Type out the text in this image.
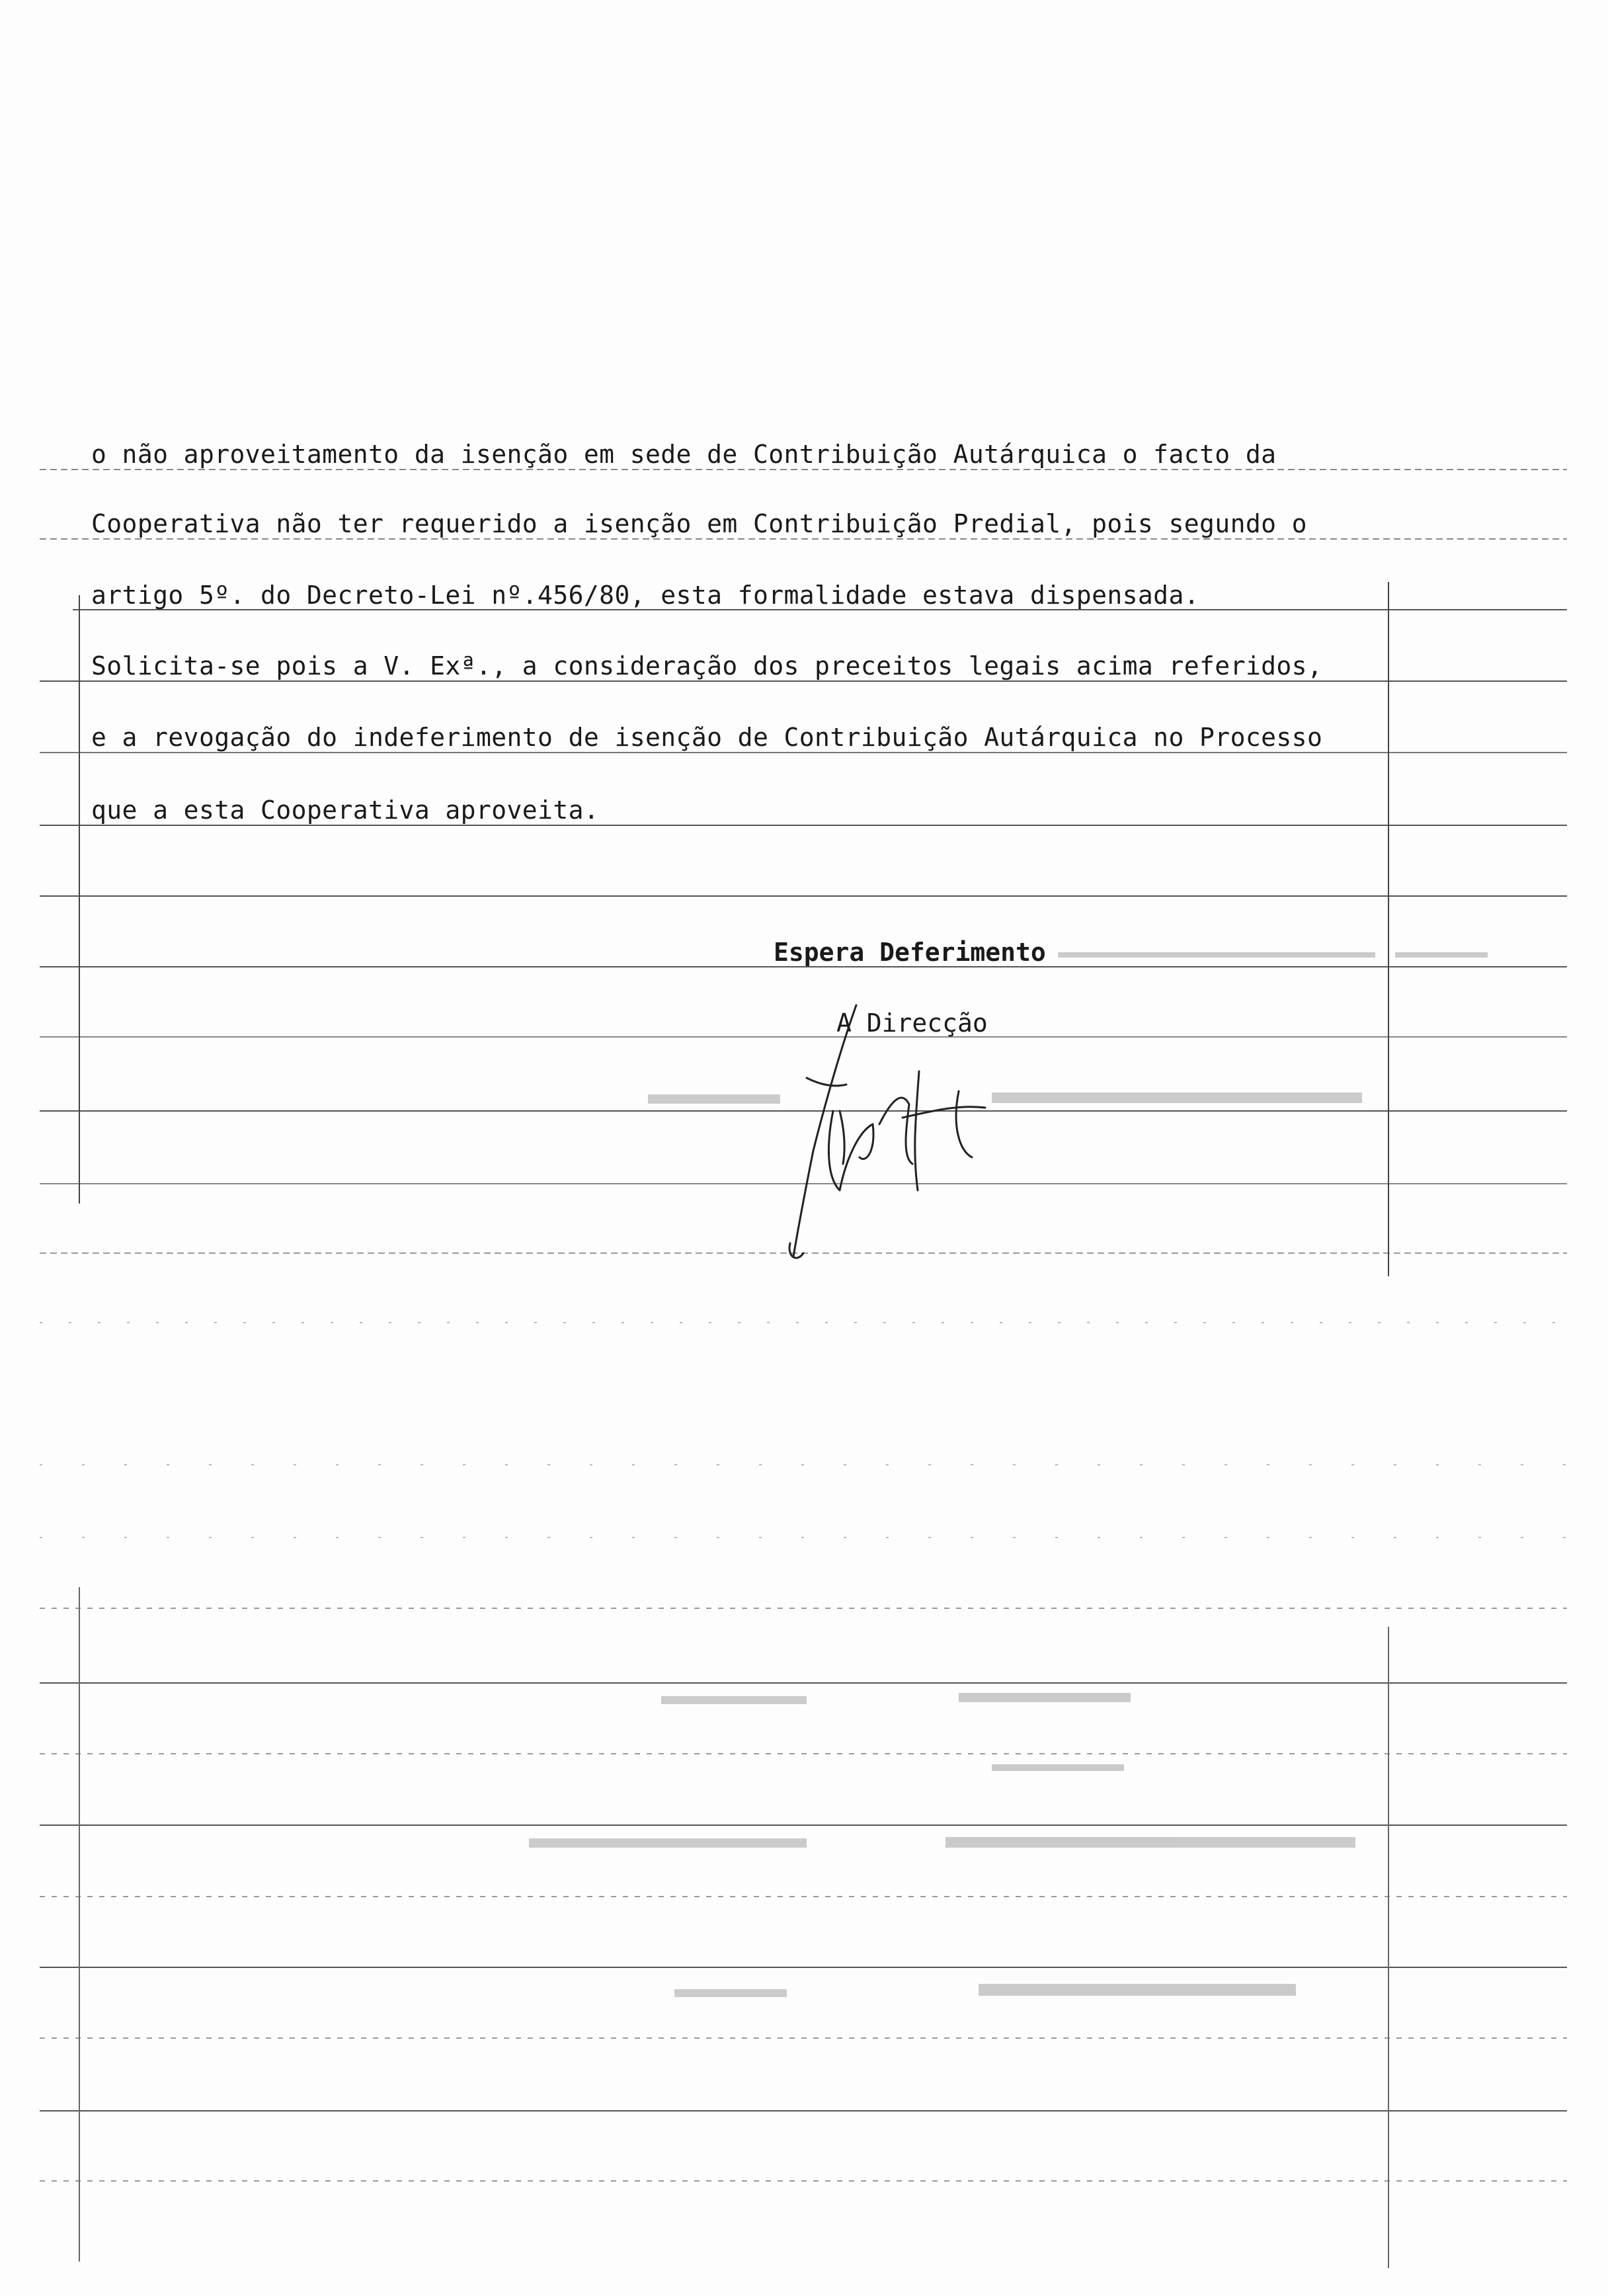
o não aproveitamento da isenção em sede de Contribuição Autárquica o facto da
Cooperativa não ter requerido a isenção em Contribuição Predial, pois segundo o
artigo 5º. do Decreto-Lei nº.456/80, esta formalidade estava dispensada.
Solicita-se pois a V. Exª., a consideração dos preceitos legais acima referidos,
e a revogação do indeferimento de isenção de Contribuição Autárquica no Processo
que a esta Cooperativa aproveita.
Espera Deferimento
A Direcção
